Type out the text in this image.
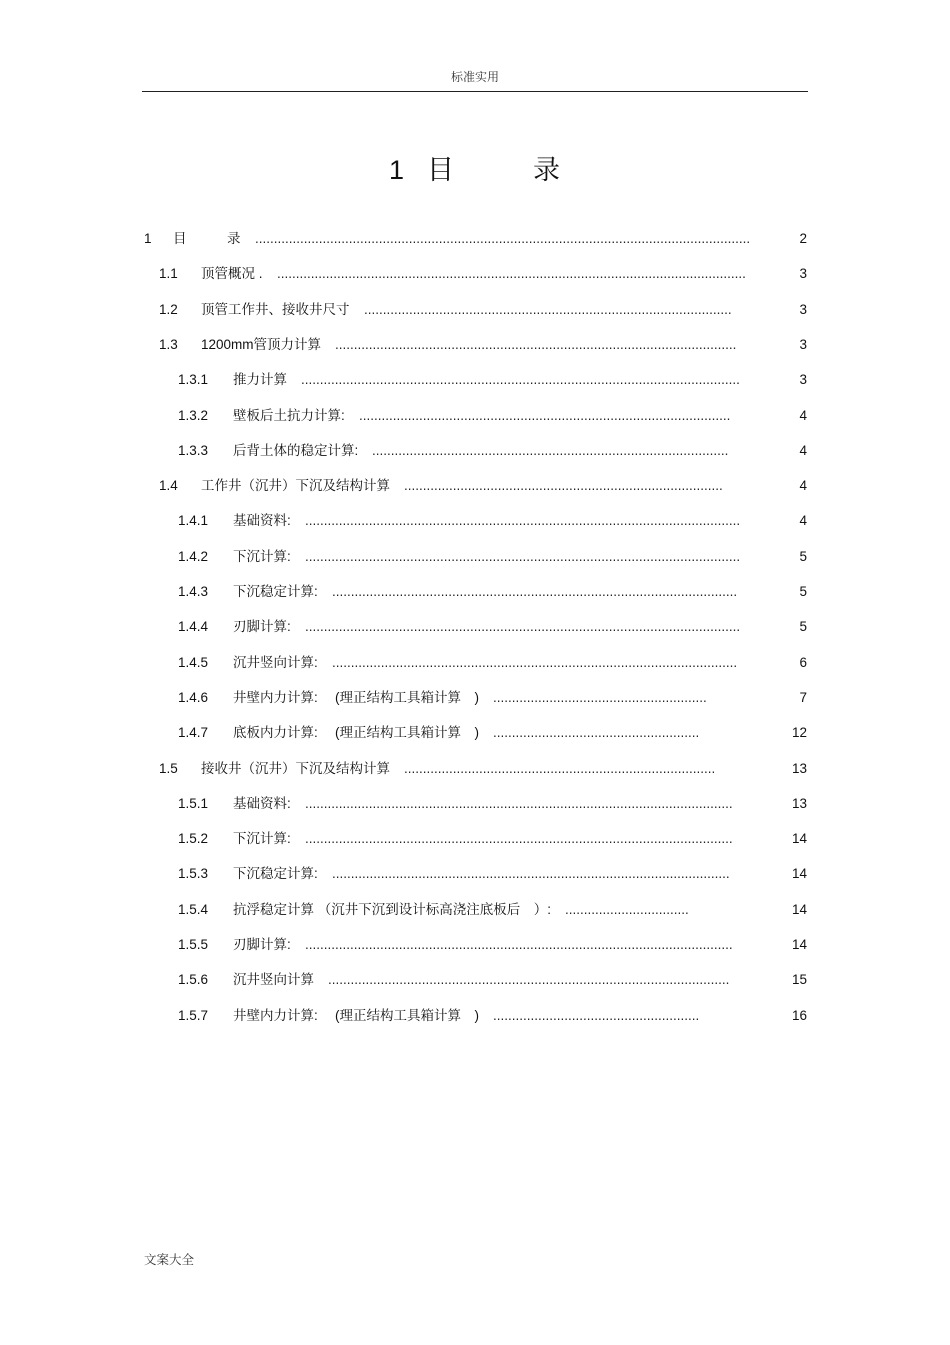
标准实用
1 目	录
1 目　　　录 ....................................................................................................................................	2
1.1 顶管概况 . .............................................................................................................................	3
1.2 顶管工作井、接收井尺寸 ..................................................................................................	3
1.3 1200mm管顶力计算 ...........................................................................................................	3
1.3.1 推力计算 .....................................................................................................................	3
1.3.2 壁板后土抗力计算: ...................................................................................................	4
1.3.3 后背土体的稳定计算: ...............................................................................................	4
1.4 工作井（沉井）下沉及结构计算 .....................................................................................	4
1.4.1 基础资料: ....................................................................................................................	4
1.4.2 下沉计算: ....................................................................................................................	5
1.4.3 下沉稳定计算: ............................................................................................................	5
1.4.4 刃脚计算: ....................................................................................................................	5
1.4.5 沉井竖向计算: ............................................................................................................	6
1.4.6 井壁内力计算:　 (理正结构工具箱计算　) .........................................................	7
1.4.7 底板内力计算:　 (理正结构工具箱计算　) .......................................................	12
1.5 接收井（沉井）下沉及结构计算 ...................................................................................	13
1.5.1 基础资料: ..................................................................................................................	13
1.5.2 下沉计算: ..................................................................................................................	14
1.5.3 下沉稳定计算: ..........................................................................................................	14
1.5.4 抗浮稳定计算 （沉井下沉到设计标高浇注底板后　）: .................................	14
1.5.5 刃脚计算: ..................................................................................................................	14
1.5.6 沉井竖向计算 ...........................................................................................................	15
1.5.7 井壁内力计算:　 (理正结构工具箱计算　) .......................................................	16
文案大全
